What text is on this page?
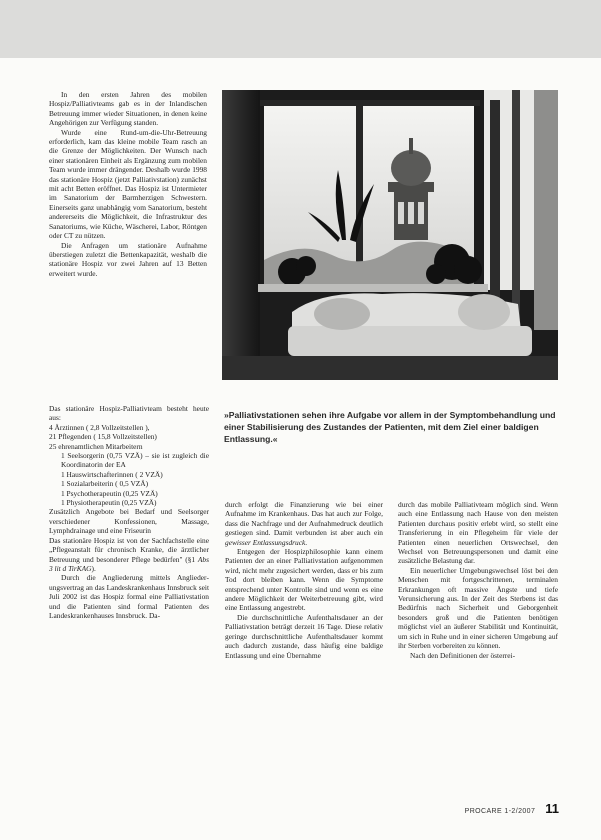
In den ersten Jahren des mobilen Hospiz/Palliativteams gab es in der Inlandischen Betreuung immer wieder Situationen, in denen keine Angehörigen zur Verfügung standen.

Wurde eine Rund-um-die-Uhr-Betreuung erforderlich, kam das kleine mobile Team rasch an die Grenze der Möglichkeiten. Der Wunsch nach einer stationären Einheit als Ergänzung zum mobilen Team wurde immer drängender. Deshalb wurde 1998 das stationäre Hospiz (jetzt Palliativstation) zunächst mit acht Betten eröffnet. Das Hospiz ist Untermieter im Sanatorium der Barmherzigen Schwestern. Einerseits ganz unabhängig vom Sanatorium, besteht andererseits die Möglichkeit, die Infrastruktur des Sanatoriums, wie Küche, Wäscherei, Labor, Röntgen oder CT zu nützen.

Die Anfragen um stationäre Aufnahme überstiegen zuletzt die Bettenkapazität, weshalb die stationäre Hospiz vor zwei Jahren auf 13 Betten erweitert wurde.

Das stationäre Hospiz-Palliativteam besteht heute aus:

4 Ärztinnen ( 2,8 Vollzeitstellen ),
21 Pflegenden ( 15,8 Vollzeitstellen)
25 ehrenamtlichen Mitarbeitern
1 Seelsorgerin (0,75 VZÄ) – sie ist zugleich die Koordinatorin der EA
1 Hauswirtschafterinnen ( 2 VZÄ)
1 Sozialarbeiterin ( 0,5 VZÄ)
1 Psychotherapeutin (0,25 VZÄ)
1 Physiotherapeutin (0,25 VZÄ)

Zusätzlich Angebote bei Bedarf und Seelsorger verschiedener Konfessionen, Massage, Lymphdrainage und eine Friseurin

Das stationäre Hospiz ist von der Sachfachstelle eine „Pflegeanstalt für chronisch Kranke, die ärztlicher Betreuung und besonderer Pflege bedürfen" (§1 Abs 3 lit d TirKAG).

Durch die Angliederung mittels Angliederungsvertrag an das Landeskrankenhaus Innsbruck seit Juli 2002 ist das Hospiz formal eine Palliativstation und die Patienten sind formal Patienten des Landeskrankenhauses Innsbruck. Da-

»Palliativstationen sehen ihre Aufgabe vor allem in der Symptombehandlung und einer Stabilisierung des Zustandes der Patienten, mit dem Ziel einer baldigen Entlassung.«

durch erfolgt die Finanzierung wie bei einer Aufnahme im Krankenhaus. Das hat auch zur Folge, dass die Nachfrage und der Aufnahmedruck deutlich gestiegen sind. Damit verbunden ist aber auch ein gewisser Entlassungsdruck.

Entgegen der Hospizphilosophie kann einem Patienten der an einer Palliativstation aufgenommen wird, nicht mehr zugesichert werden, dass er bis zum Tod dort bleiben kann. Wenn die Symptome entsprechend unter Kontrolle sind und wenn es eine andere Möglichkeit der Weiterbetreuung gibt, wird eine Entlassung angestrebt.

Die durchschnittliche Aufenthaltsdauer an der Palliativstation beträgt derzeit 16 Tage. Diese relativ geringe durchschnittliche Aufenthaltsdauer kommt auch dadurch zustande, dass häufig eine baldige Entlassung und eine Übernahme

durch das mobile Palliativteam möglich sind. Wenn auch eine Entlassung nach Hause von den meisten Patienten durchaus positiv erlebt wird, so stellt eine Transferierung in ein Pflegeheim für viele der Patienten einen neuerlichen Ortswechsel, den Wechsel von Betreuungspersonen und damit eine zusätzliche Belastung dar.

Ein neuerlicher Umgebungswechsel löst bei den Menschen mit fortgeschrittenen, terminalen Erkrankungen oft massive Ängste und tiefe Verunsicherung aus. In der Zeit des Sterbens ist das Bedürfnis nach Sicherheit und Geborgenheit besonders groß und die Patienten benötigen möglichst viel an äußerer Stabilität und Kontinuität, um sich in Ruhe und in einer sicheren Umgebung auf ihr Sterben vorbereiten zu können.

Nach den Definitionen der österrei-

PROCARE 1-2/2007 11
